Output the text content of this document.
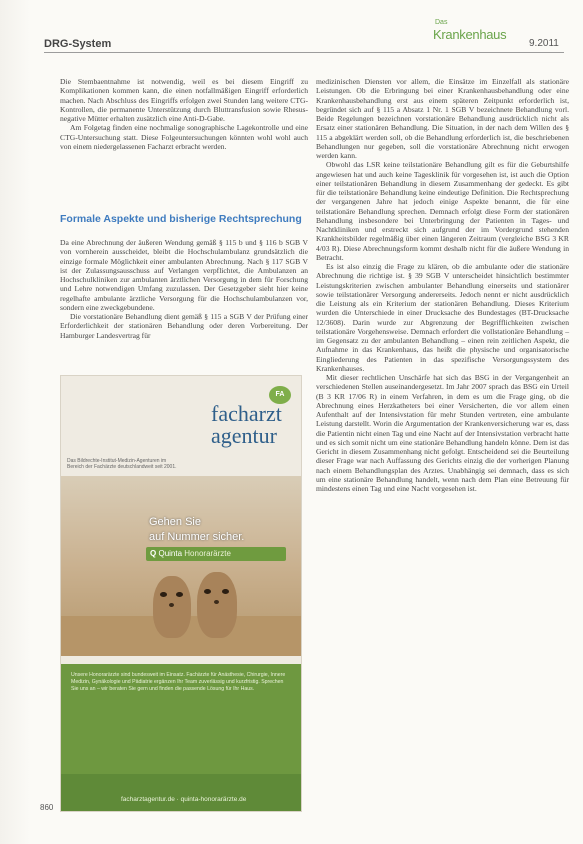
DRG-System
Das
Krankenhaus
9.2011

Die Stembaentnahme ist notwendig, weil es bei diesem Eingriff zu Komplikationen kommen kann, die einen notfallmäßigen Eingriff erforderlich machen. Nach Abschluss des Eingriffs erfolgen zwei Stunden lang weitere CTG-Kontrollen, die permanente Unterstützung durch Bluttransfusion sowie Rhesus-negative Mütter erhalten zusätzlich eine Anti-D-Gabe.

Am Folgetag finden eine nochmalige sonographische Lagekontrolle und eine CTG-Untersuchung statt. Diese Folgeuntersuchungen könnten wohl wohl auch von einem niedergelassenen Facharzt erbracht werden.

Formale Aspekte und bisherige Rechtsprechung

Da eine Abrechnung der äußeren Wendung gemäß § 115 b und § 116 b SGB V von vornherein ausscheidet, bleibt die Hochschulambulanz grundsätzlich die einzige formale Möglichkeit einer ambulanten Abrechnung. Nach § 117 SGB V ist der Zulassungsausschuss auf Verlangen verpflichtet, die Ambulanzen an Hochschulkliniken zur ambulanten ärztlichen Versorgung in dem für Forschung und Lehre notwendigen Umfang zuzulassen. Der Gesetzgeber sieht hier keine regelhafte ambulante ärztliche Versorgung für die Hochschulambulanzen vor, sondern eine zweckgebundene.

Die vorstationäre Behandlung dient gemäß § 115 a SGB V der Prüfung einer Erforderlichkeit der stationären Behandlung oder deren Vorbereitung. Der Hamburger Landesvertrag für

medizinischen Diensten vor allem, die Einsätze im Einzelfall als stationäre Leistungen. Ob die Erbringung bei einer Krankenhausbehandlung oder eine Krankenhausbehandlung erst aus einem späteren Zeitpunkt erforderlich ist, begründet sich auf § 115 a Absatz 1 Nr. 1 SGB V bezeichnete Behandlung vorl. Beide Regelungen bezeichnen vorstationäre Behandlung ausdrücklich nicht als Ersatz einer stationären Behandlung. Die Situation, in der nach dem Willen des § 115 a abgeklärt werden soll, ob die Behandlung erforderlich ist, die beschriebenen Behandlungen nur gegeben, soll die vorstationäre Abrechnung nicht erwogen werden kann.

Obwohl das LSR keine teilstationäre Behandlung gilt es für die Geburtshilfe angewiesen hat und auch keine Tagesklinik für vorgesehen ist, ist auch die Option einer teilstationären Behandlung in diesem Zusammenhang der gedeckt. Es gibt für die teilstationäre Behandlung keine eindeutige Definition. Die Rechtsprechung der vergangenen Jahre hat jedoch einige Aspekte benannt, die für eine teilstationäre Behandlung sprechen. Demnach erfolgt diese Form der stationären Behandlung insbesondere bei Unterbringung der Patienten in Tages- und Nachtkliniken und erstreckt sich aufgrund der im Vordergrund stehenden Krankheitsbilder regelmäßig über einen längeren Zeitraum (vergleiche BSG 3 KR 4/03 R). Diese Abrechnungsform kommt deshalb nicht für die äußere Wendung in Betracht.

Es ist also einzig die Frage zu klären, ob die ambulante oder die stationäre Abrechnung die richtige ist. § 39 SGB V unterscheidet hinsichtlich bestimmter Leistungskriterien zwischen ambulanter Behandlung einerseits und stationärer sowie teilstationärer Versorgung andererseits. Jedoch nennt er nicht ausdrücklich die Leistung als ein Kriterium der stationären Behandlung. Dieses Kriterium wurden die Unterschiede in einer Drucksache des Bundestages (BT-Drucksache 12/3608). Darin wurde zur Abgrenzung der Begrifflichkeiten zwischen teilstationäre Vorgehensweise. Demnach erfordert die vollstationäre Behandlung – im Gegensatz zu der ambulanten Behandlung – einen rein zeitlichen Aspekt, die Aufnahme in das Krankenhaus, das heißt die physische und organisatorische Eingliederung des Patienten in das spezifische Versorgungssystem des Krankenhauses.

Mit dieser rechtlichen Unschärfe hat sich das BSG in der Vergangenheit an verschiedenen Stellen auseinandergesetzt. Im Jahr 2007 sprach das BSG ein Urteil (B 3 KR 17/06 R) in einem Verfahren, in dem es um die Frage ging, ob die Abrechnung eines Herzkatheters bei einer Versicherten, die vor allem einen Aufenthalt auf der Intensivstation für mehr Stunden vertreten, eine ambulante Leistung darstellt. Worin die Argumentation der Krankenversicherung war es, dass die Patientin nicht einen Tag und eine Nacht auf der Intensivstation verbracht hatte und es sich somit nicht um eine stationäre Behandlung handeln könne. Dem ist das Gericht in diesem Zusammenhang nicht gefolgt. Entscheidend sei die Beurteilung dieser Frage war nach Auffassung des Gerichts einzig die der vorherigen Planung nach einem Behandlungsplan des Arztes. Unabhängig sei demnach, dass es sich um eine stationäre Behandlung handelt, wenn nach dem Plan eine Betreuung für mindestens einen Tag und eine Nacht vorgesehen ist.

FA
facharzt
agentur
Das Bildrechte-Institut-Medizin-Agenturen im Bereich der Fachärzte deutschlandweit seit 2001.
Gehen Sie
auf Nummer sicher.
Q Quinta Honorarärzte
Unsere Honorarärzte sind bundesweit im Einsatz. Fachärzte für Anästhesie, Chirurgie, Innere Medizin, Gynäkologie und Pädiatrie ergänzen Ihr Team zuverlässig und kurzfristig. Sprechen Sie uns an – wir beraten Sie gern und finden die passende Lösung für Ihr Haus.
facharztagentur.de · quinta-honorarärzte.de
860
